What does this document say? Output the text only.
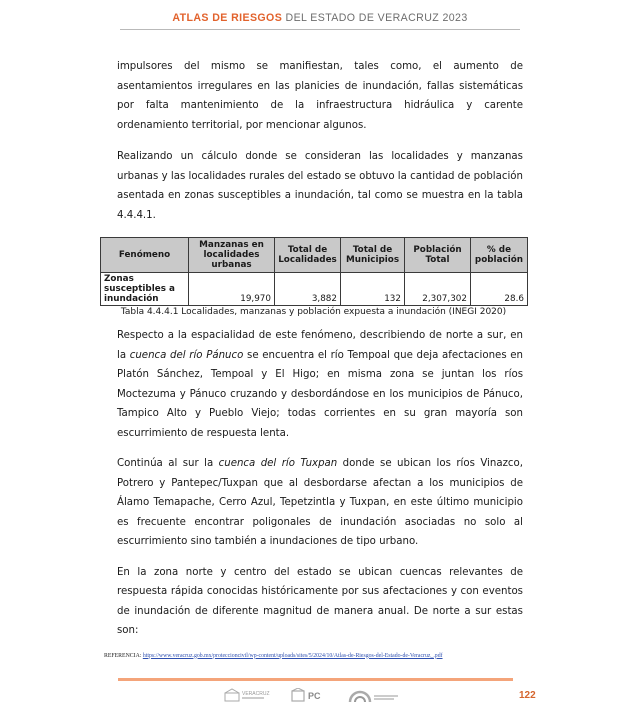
ATLAS DE RIESGOS DEL ESTADO DE VERACRUZ 2023

impulsores del mismo se manifiestan, tales como, el aumento de asentamientos irregulares en las planicies de inundación, fallas sistemáticas por falta mantenimiento de la infraestructura hidráulica y carente ordenamiento territorial, por mencionar algunos.

Realizando un cálculo donde se consideran las localidades y manzanas urbanas y las localidades rurales del estado se obtuvo la cantidad de población asentada en zonas susceptibles a inundación, tal como se muestra en la tabla 4.4.4.1.

Fenómeno	Manzanas en localidades urbanas	Total de Localidades	Total de Municipios	Población Total	% de población
Zonas susceptibles a inundación	19,970	3,882	132	2,307,302	28.6
Tabla 4.4.4.1 Localidades, manzanas y población expuesta a inundación (INEGI 2020)

Respecto a la espacialidad de este fenómeno, describiendo de norte a sur, en la cuenca del río Pánuco se encuentra el río Tempoal que deja afectaciones en Platón Sánchez, Tempoal y El Higo; en misma zona se juntan los ríos Moctezuma y Pánuco cruzando y desbordándose en los municipios de Pánuco, Tampico Alto y Pueblo Viejo; todas corrientes en su gran mayoría son escurrimiento de respuesta lenta.

Continúa al sur la cuenca del río Tuxpan donde se ubican los ríos Vinazco, Potrero y Pantepec/Tuxpan que al desbordarse afectan a los municipios de Álamo Temapache, Cerro Azul, Tepetzintla y Tuxpan, en este último municipio es frecuente encontrar poligonales de inundación asociadas no solo al escurrimiento sino también a inundaciones de tipo urbano.

En la zona norte y centro del estado se ubican cuencas relevantes de respuesta rápida conocidas históricamente por sus afectaciones y con eventos de inundación de diferente magnitud de manera anual. De norte a sur estas son:

REFERENCIA: https://www.veracruz.gob.mx/proteccioncivil/wp-content/uploads/sites/5/2024/10/Atlas-de-Riesgos-del-Estado-de-Veracruz_.pdf
VERACRUZ	PC	122
